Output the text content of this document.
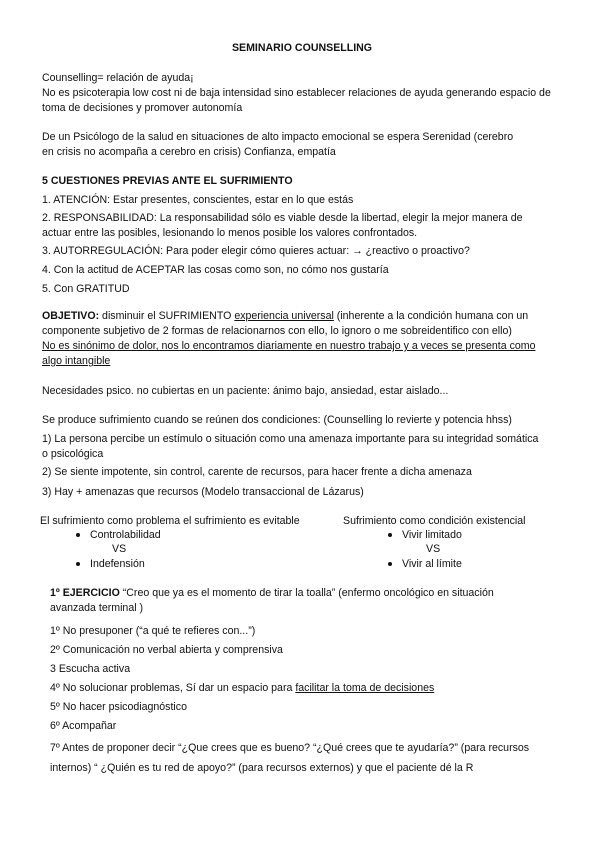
SEMINARIO COUNSELLING
Counselling= relación de ayuda¡
No es psicoterapia low cost ni de baja intensidad sino establecer relaciones de ayuda generando espacio de toma de decisiones y promover autonomía
De un Psicólogo de la salud en situaciones de alto impacto emocional se espera Serenidad (cerebro en crisis no acompaña a cerebro en crisis) Confianza, empatía
5 CUESTIONES PREVIAS ANTE EL SUFRIMIENTO
1. ATENCIÓN: Estar presentes, conscientes, estar en lo que estás
2. RESPONSABILIDAD: La responsabilidad sólo es viable desde la libertad, elegir la mejor manera de actuar entre las posibles, lesionando lo menos posible los valores confrontados.
3. AUTORREGULACIÓN: Para poder elegir cómo quieres actuar: → ¿reactivo o proactivo?
4. Con la actitud de ACEPTAR las cosas como son, no cómo nos gustaría
5. Con GRATITUD
OBJETIVO: disminuir el SUFRIMIENTO experiencia universal (inherente a la condición humana con un componente subjetivo de 2 formas de relacionarnos con ello, lo ignoro o me sobreidentifico con ello)
No es sinónimo de dolor, nos lo encontramos diariamente en nuestro trabajo y a veces se presenta como algo intangible
Necesidades psico. no cubiertas en un paciente: ánimo bajo, ansiedad, estar aislado...
Se produce sufrimiento cuando se reúnen dos condiciones: (Counselling lo revierte y potencia hhss)
1) La persona percibe un estímulo o situación como una amenaza importante para su integridad somática o psicológica
2) Se siente impotente, sin control, carente de recursos, para hacer frente a dicha amenaza
3) Hay + amenazas que recursos (Modelo transaccional de Lázarus)
El sufrimiento como problema el sufrimiento es evitable
Controlabilidad
VS
Indefensión
Sufrimiento como condición existencial
Vivir limitado
VS
Vivir al límite
1º EJERCICIO “Creo que ya es el momento de tirar la toalla” (enfermo oncológico en situación avanzada terminal )
1º No presuponer (“a qué te refieres con...”)
2º Comunicación no verbal abierta y comprensiva
3 Escucha activa
4º No solucionar problemas, Sí dar un espacio para facilitar la toma de decisiones
5º No hacer psicodiagnóstico
6º Acompañar
7º Antes de proponer decir “¿Que crees que es bueno? “¿Qué crees que te ayudaría?” (para recursos internos) “ ¿Quién es tu red de apoyo?” (para recursos externos) y que el paciente dé la R
